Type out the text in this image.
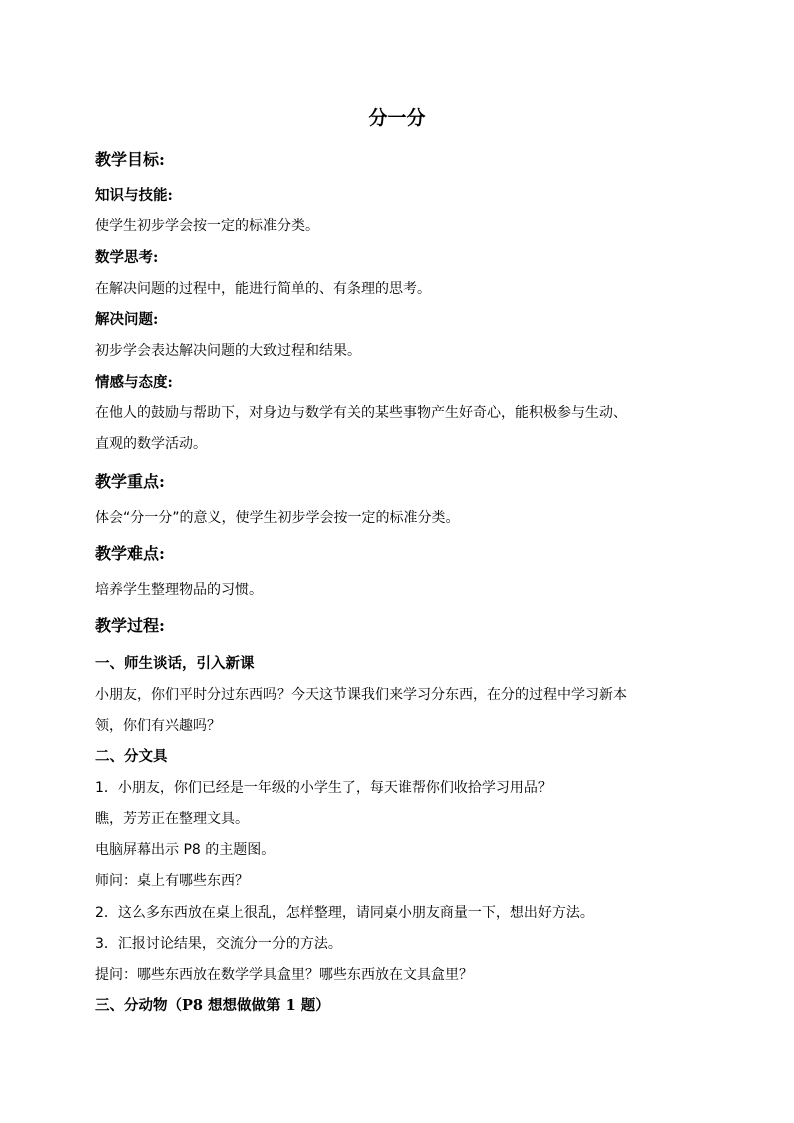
分一分
教学目标:
知识与技能:
使学生初步学会按一定的标准分类。
数学思考:
在解决问题的过程中，能进行简单的、有条理的思考。
解决问题:
初步学会表达解决问题的大致过程和结果。
情感与态度:
在他人的鼓励与帮助下，对身边与数学有关的某些事物产生好奇心，能积极参与生动、
直观的数学活动。
教学重点:
体会“分一分”的意义，使学生初步学会按一定的标准分类。
教学难点:
培养学生整理物品的习惯。
教学过程:
一、师生谈话，引入新课
小朋友，你们平时分过东西吗？今天这节课我们来学习分东西，在分的过程中学习新本
领，你们有兴趣吗？
二、分文具
1．小朋友，你们已经是一年级的小学生了，每天谁帮你们收拾学习用品？
瞧，芳芳正在整理文具。
电脑屏幕出示 P8 的主题图。
师问：桌上有哪些东西？
2．这么多东西放在桌上很乱，怎样整理，请同桌小朋友商量一下，想出好方法。
3．汇报讨论结果，交流分一分的方法。
提问：哪些东西放在数学学具盒里？哪些东西放在文具盒里？
三、分动物（P8 想想做做第 1 题）
